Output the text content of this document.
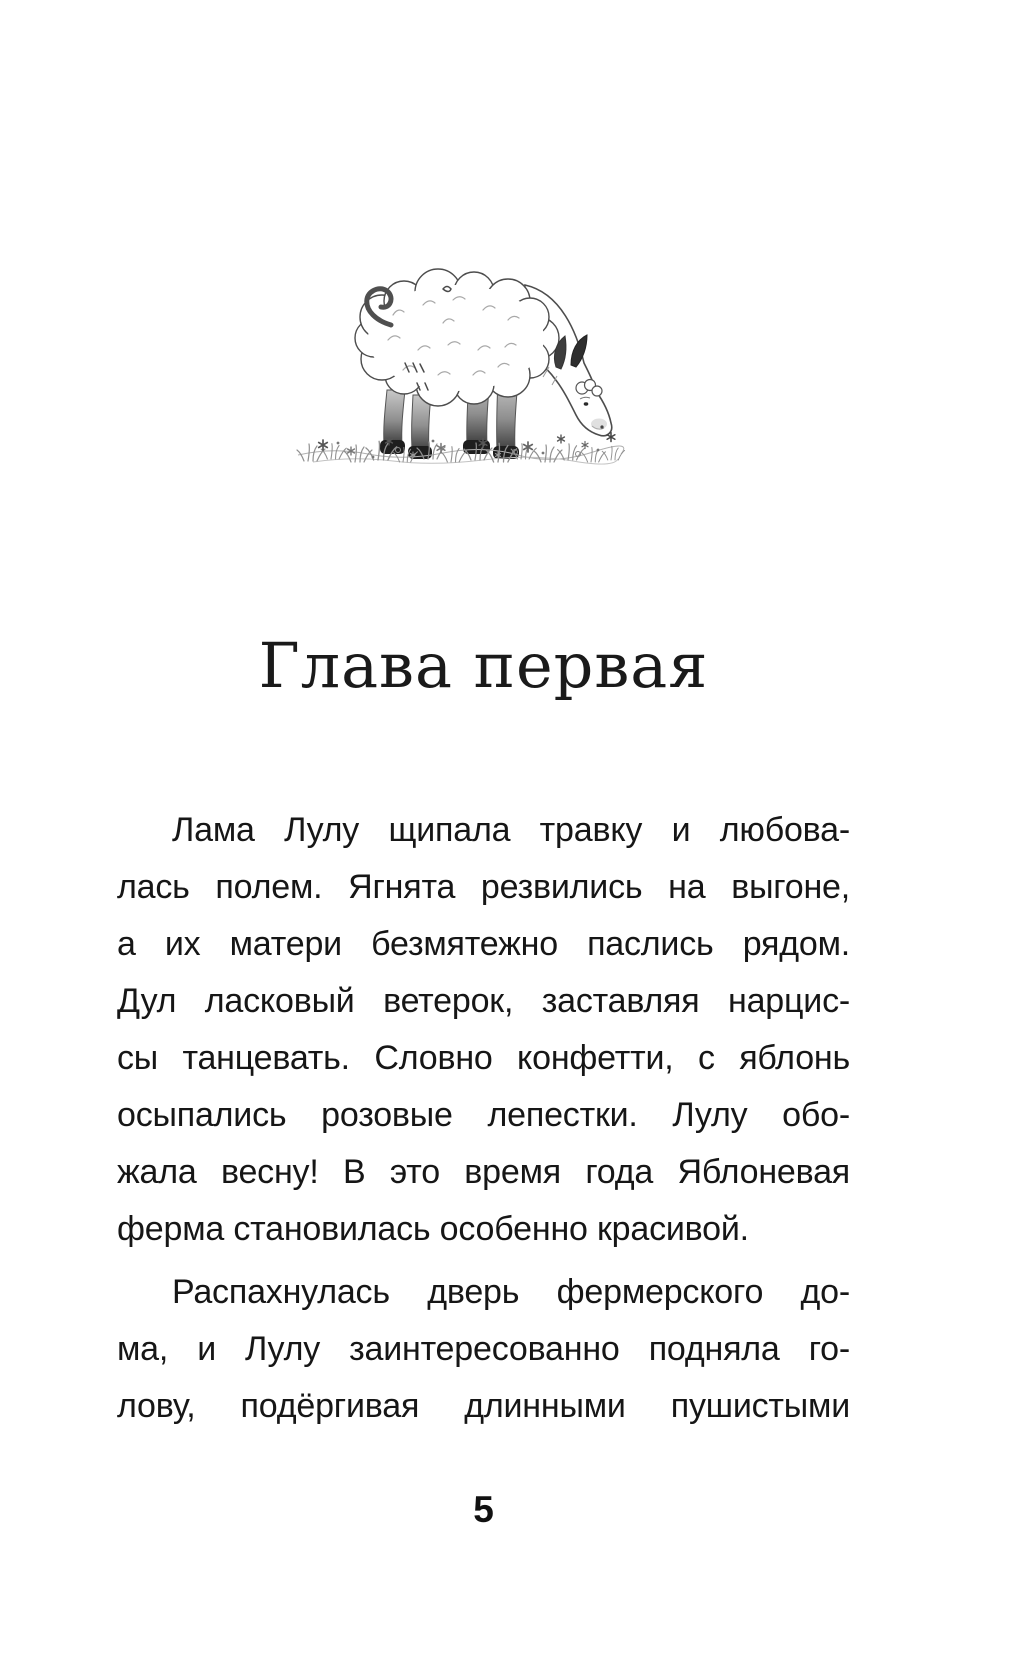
Глава первая
Лама Лулу щипала травку и любова-
лась полем. Ягнята резвились на выгоне,
а их матери безмятежно паслись рядом.
Дул ласковый ветерок, заставляя нарцис-
сы танцевать. Словно конфетти, с яблонь
осыпались розовые лепестки. Лулу обо-
жала весну! В это время года Яблоневая
ферма становилась особенно красивой.
Распахнулась дверь фермерского до-
ма, и Лулу заинтересованно подняла го-
лову, подёргивая длинными пушистыми
5
